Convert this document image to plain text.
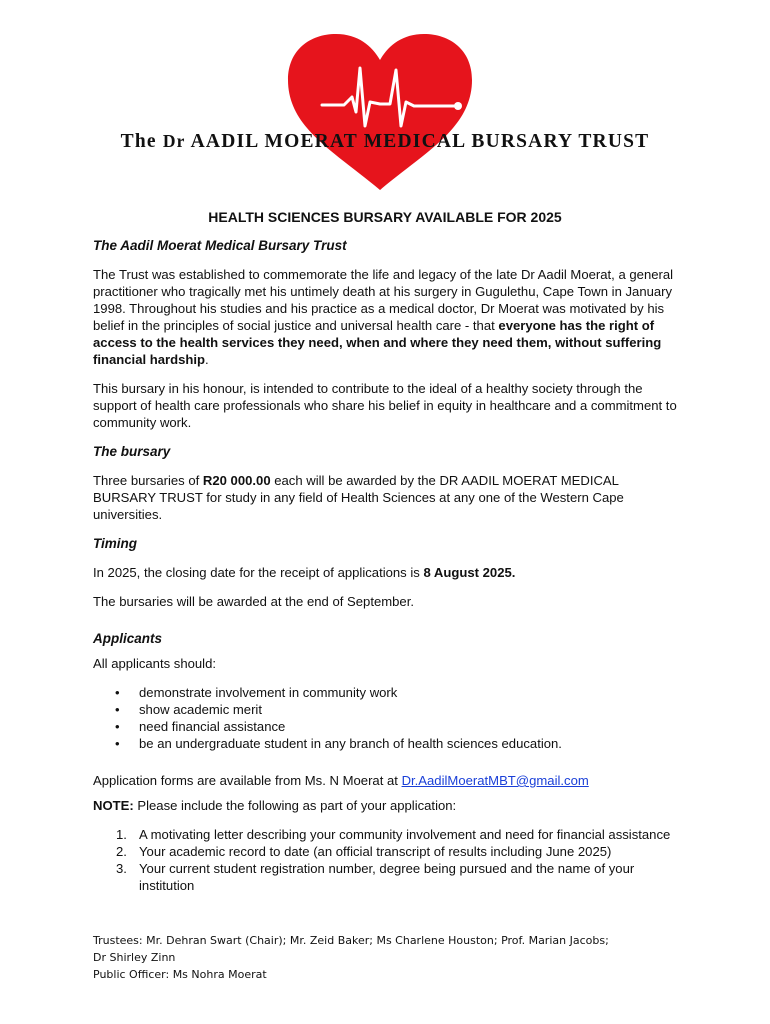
The Dr AADIL MOERAT MEDICAL BURSARY TRUST
HEALTH SCIENCES BURSARY AVAILABLE FOR 2025

The Aadil Moerat Medical Bursary Trust

The Trust was established to commemorate the life and legacy of the late Dr Aadil Moerat, a general practitioner who tragically met his untimely death at his surgery in Gugulethu, Cape Town in January 1998. Throughout his studies and his practice as a medical doctor, Dr Moerat was motivated by his belief in the principles of social justice and universal health care - that everyone has the right of access to the health services they need, when and where they need them, without suffering financial hardship.

This bursary in his honour, is intended to contribute to the ideal of a healthy society through the support of health care professionals who share his belief in equity in healthcare and a commitment to community work.

The bursary

Three bursaries of R20 000.00 each will be awarded by the DR AADIL MOERAT MEDICAL BURSARY TRUST for study in any field of Health Sciences at any one of the Western Cape universities.

Timing

In 2025, the closing date for the receipt of applications is 8 August 2025.

The bursaries will be awarded at the end of September.

Applicants

All applicants should:

• demonstrate involvement in community work
• show academic merit
• need financial assistance
• be an undergraduate student in any branch of health sciences education.

Application forms are available from Ms. N Moerat at Dr.AadilMoeratMBT@gmail.com

NOTE: Please include the following as part of your application:

1. A motivating letter describing your community involvement and need for financial assistance
2. Your academic record to date (an official transcript of results including June 2025)
3. Your current student registration number, degree being pursued and the name of your institution
Trustees: Mr. Dehran Swart (Chair); Mr. Zeid Baker; Ms Charlene Houston; Prof. Marian Jacobs;
Dr Shirley Zinn
Public Officer: Ms Nohra Moerat
